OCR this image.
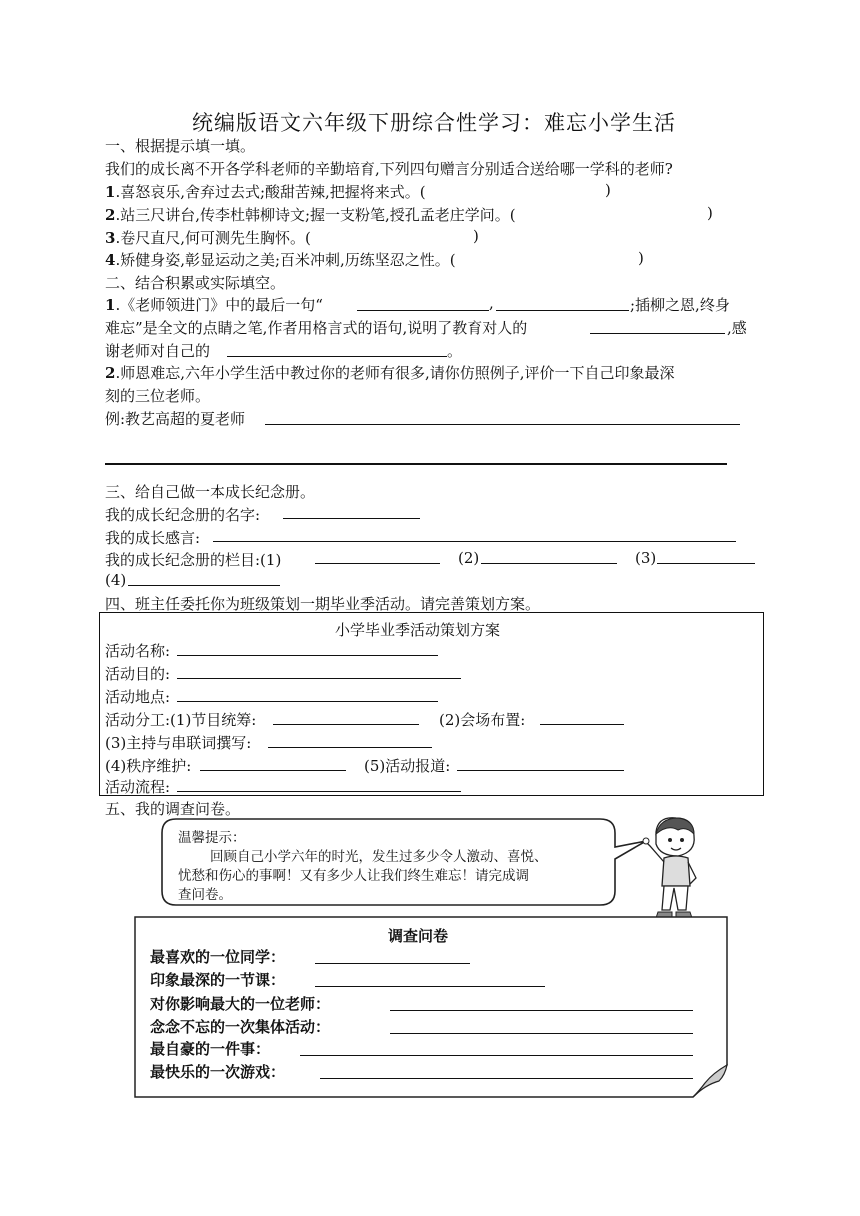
统编版语文六年级下册综合性学习：难忘小学生活
一、根据提示填一填。
我们的成长离不开各学科老师的辛勤培育,下列四句赠言分别适合送给哪一学科的老师?
1.喜怒哀乐,舍弃过去式;酸甜苦辣,把握将来式。(	)
2.站三尺讲台,传李杜韩柳诗文;握一支粉笔,授孔孟老庄学问。(	)
3.卷尺直尺,何可测先生胸怀。(	)
4.矫健身姿,彰显运动之美;百米冲刺,历练坚忍之性。(	)
二、结合积累或实际填空。
1.《老师领进门》中的最后一句“	,	;插柳之恩,终身
难忘”是全文的点睛之笔,作者用格言式的语句,说明了教育对人的	,感
谢老师对自己的	。
2.师恩难忘,六年小学生活中教过你的老师有很多,请你仿照例子,评价一下自己印象最深
刻的三位老师。
例:教艺高超的夏老师
三、给自己做一本成长纪念册。
我的成长纪念册的名字:
我的成长感言:
我的成长纪念册的栏目:(1)	(2)	(3)
(4)
四、班主任委托你为班级策划一期毕业季活动。请完善策划方案。
小学毕业季活动策划方案
活动名称:
活动目的:
活动地点:
活动分工:(1)节目统筹:	(2)会场布置:
(3)主持与串联词撰写:
(4)秩序维护:	(5)活动报道:
活动流程:
五、我的调查问卷。
温馨提示：
回顾自己小学六年的时光，发生过多少令人激动、喜悦、
忧愁和伤心的事啊！又有多少人让我们终生难忘！请完成调
查问卷。
调查问卷
最喜欢的一位同学：
印象最深的一节课：
对你影响最大的一位老师：
念念不忘的一次集体活动：
最自豪的一件事：
最快乐的一次游戏：
